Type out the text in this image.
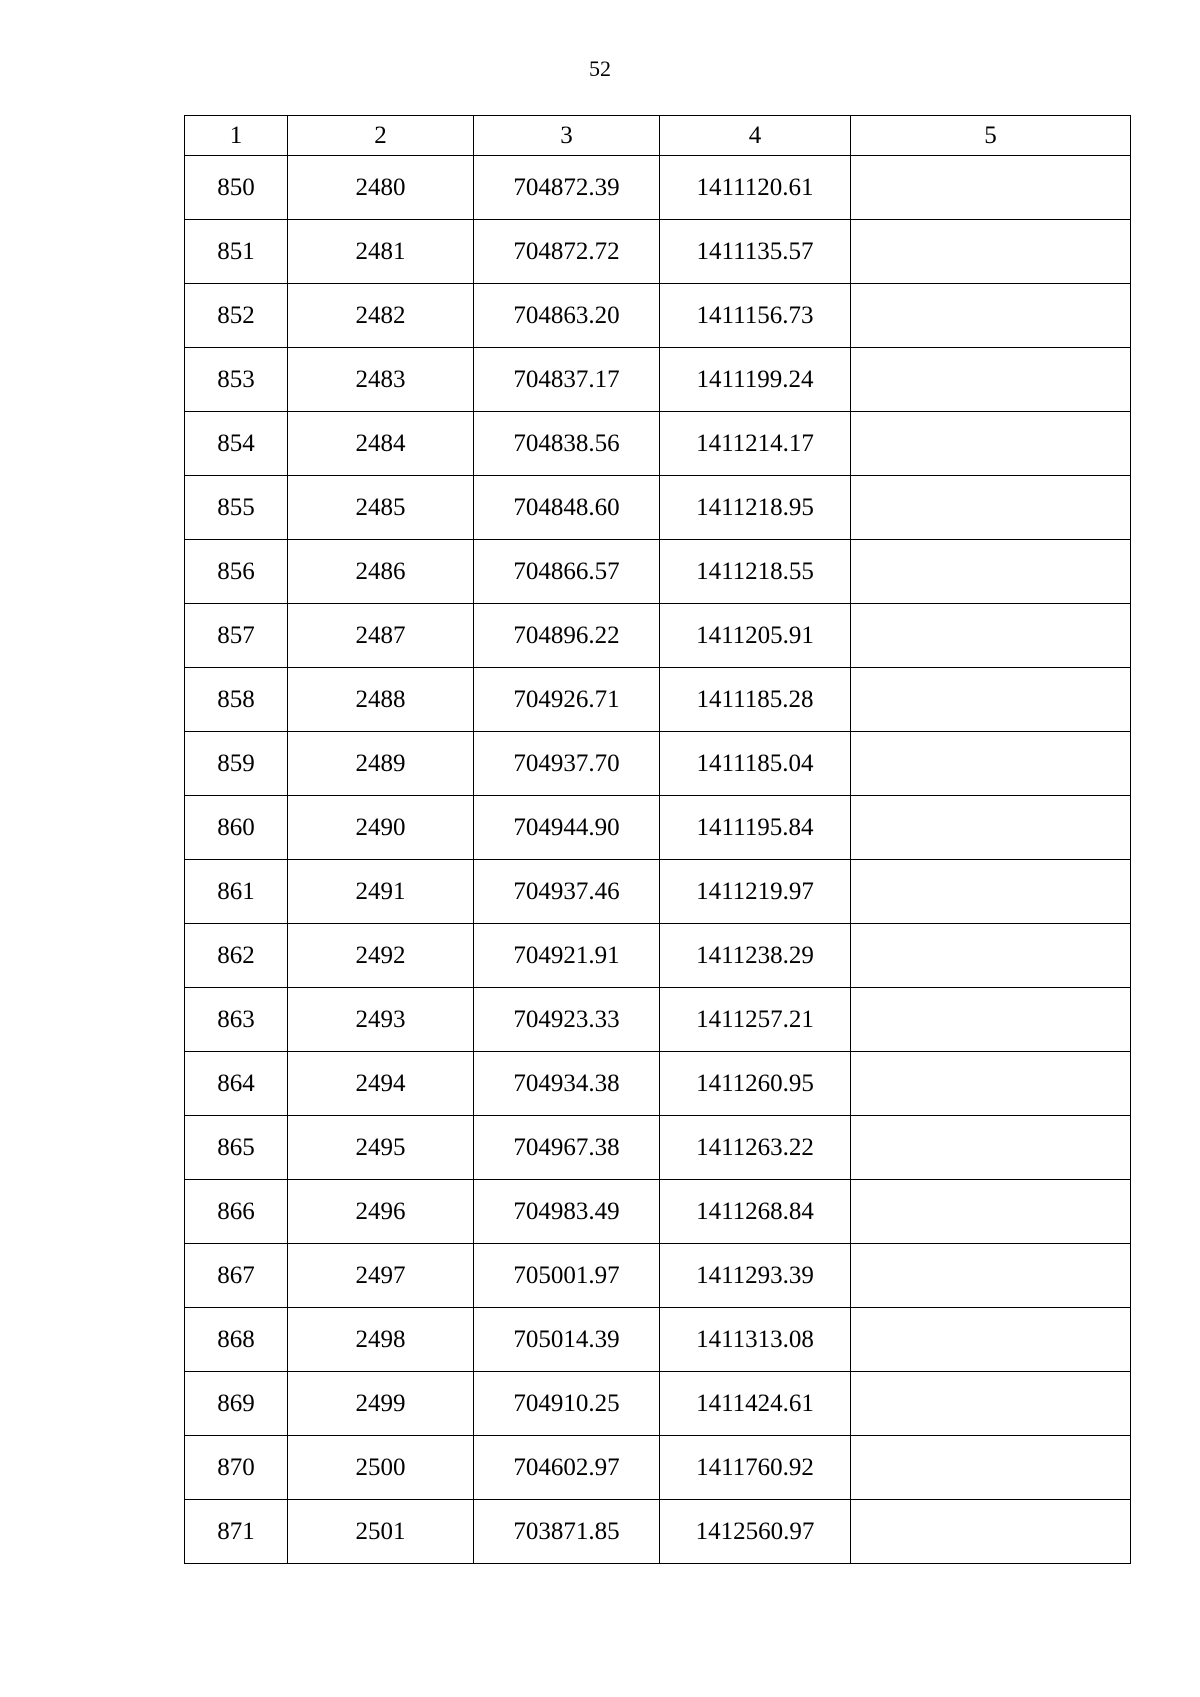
52
1	2	3	4	5
850	2480	704872.39	1411120.61	
851	2481	704872.72	1411135.57	
852	2482	704863.20	1411156.73	
853	2483	704837.17	1411199.24	
854	2484	704838.56	1411214.17	
855	2485	704848.60	1411218.95	
856	2486	704866.57	1411218.55	
857	2487	704896.22	1411205.91	
858	2488	704926.71	1411185.28	
859	2489	704937.70	1411185.04	
860	2490	704944.90	1411195.84	
861	2491	704937.46	1411219.97	
862	2492	704921.91	1411238.29	
863	2493	704923.33	1411257.21	
864	2494	704934.38	1411260.95	
865	2495	704967.38	1411263.22	
866	2496	704983.49	1411268.84	
867	2497	705001.97	1411293.39	
868	2498	705014.39	1411313.08	
869	2499	704910.25	1411424.61	
870	2500	704602.97	1411760.92	
871	2501	703871.85	1412560.97	
